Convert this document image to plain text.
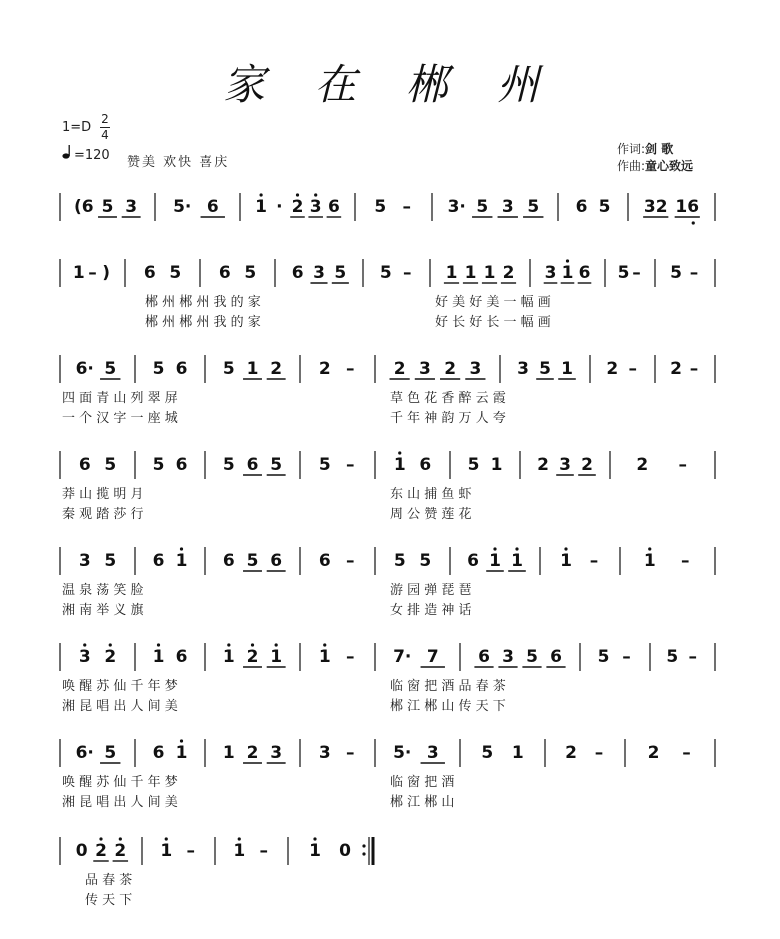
家 在 郴 州
1=D
2
4
=120 赞美 欢快 喜庆
作词:剑 歌
作曲:童心致远
(6 5 3 5· 6 1 · 2 3 6 5 – 3· 5 3 5 6 5 32 16
1 – ) 6 5 6 5 6 3 5 5 – 1 1 1 2 3 1 6 5 – 5 –
郴 州 郴 州 我 的 家	好 美 好 美 一 幅 画
郴 州 郴 州 我 的 家	好 长 好 长 一 幅 画
6· 5 5 6 5 1 2 2 – 2 3 2 3 3 5 1 2 – 2 –
四 面 青 山 列 翠 屏	草 色 花 香 醉 云 霞
一 个 汉 字 一 座 城	千 年 神 韵 万 人 夸
6 5 5 6 5 6 5 5 – 1 6 5 1 2 3 2	2 –
莽 山 揽 明 月	东 山 捕 鱼 虾
秦 观 踏 莎 行	周 公 赞 莲 花
3 5 6 1 6 5 6 6 – 5 5 6 1 1 1 –	1 –
温 泉 荡 笑 脸	游 园 弹 琵 琶
湘 南 举 义 旗	女 排 造 神 话
3 2 1 6 1 2 1 1 – 7· 7 6 3 5 6 5 – 5 –
唤 醒 苏 仙 千 年 梦	临 窗 把 酒 品 春 茶
湘 昆 唱 出 人 间 美	郴 江 郴 山 传 天 下
6· 5 6 1 1 2 3 3 – 5· 3	5 1 2 –	2 –
唤 醒 苏 仙 千 年 梦	临 窗 把 酒
湘 昆 唱 出 人 间 美	郴 江 郴 山
0 2 2 1 – 1 – 1 0
品 春 茶
传 天 下
